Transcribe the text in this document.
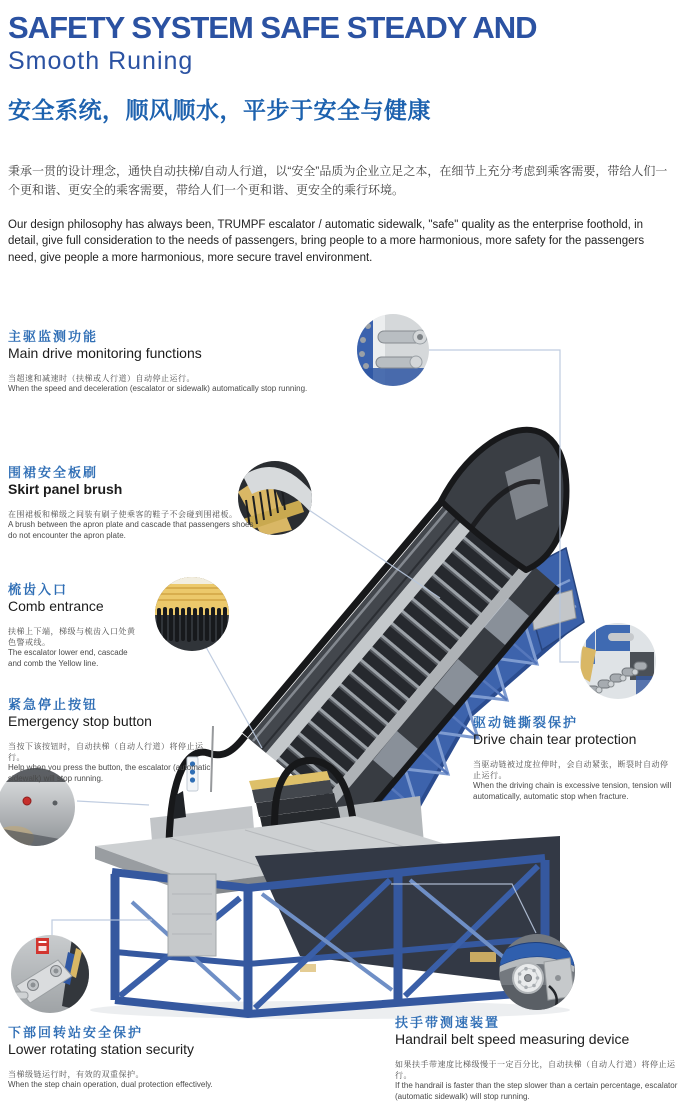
SAFETY SYSTEM SAFE STEADY AND
Smooth Runing
安全系统，顺风顺水，平步于安全与健康
秉承一贯的设计理念，通快自动扶梯/自动人行道，以“安全”品质为企业立足之本，在细节上充分考虑到乘客需要，带给人们一个更和谐、更安全的乘客需要，带给人们一个更和谐、更安全的乘行环境。
Our design philosophy has always been, TRUMPF escalator / automatic sidewalk, "safe" quality as the enterprise foothold, in detail, give full consideration to the needs of passengers, bring people to a more harmonious, more safety for the passengers need, give people a more harmonious, more secure travel environment.
主驱监测功能
Main drive monitoring functions
当超速和减速时（扶梯或人行道）自动停止运行。
When the speed and deceleration (escalator or sidewalk) automatically stop running.
围裙安全板刷
Skirt panel brush
在围裙板和梯级之间装有刷子使乘客的鞋子不会碰到围裙板。
A brush between the apron plate and cascade that passengers shoes do not encounter the apron plate.
梳齿入口
Comb entrance
扶梯上下端，梯级与梳齿入口处黄色警戒线。
The escalator lower end, cascade and comb the Yellow line.
紧急停止按钮
Emergency stop button
当按下该按钮时，自动扶梯（自动人行道）将停止运行。
Help when you press the button, the escalator (automatic sidewalk) will stop running.
驱动链撕裂保护
Drive chain tear protection
当驱动链被过度拉伸时，会自动紧张，断裂时自动停止运行。
When the driving chain is excessive tension, tension will automatically, automatic stop when fracture.
下部回转站安全保护
Lower rotating station security
当梯级链运行时，有效的双重保护。
When the step chain operation, dual protection effectively.
扶手带测速装置
Handrail belt speed measuring device
如果扶手带速度比梯级慢于一定百分比，自动扶梯（自动人行道）将停止运行。
If the handrail is faster than the step slower than a certain percentage, escalator (automatic sidewalk) will stop running.
